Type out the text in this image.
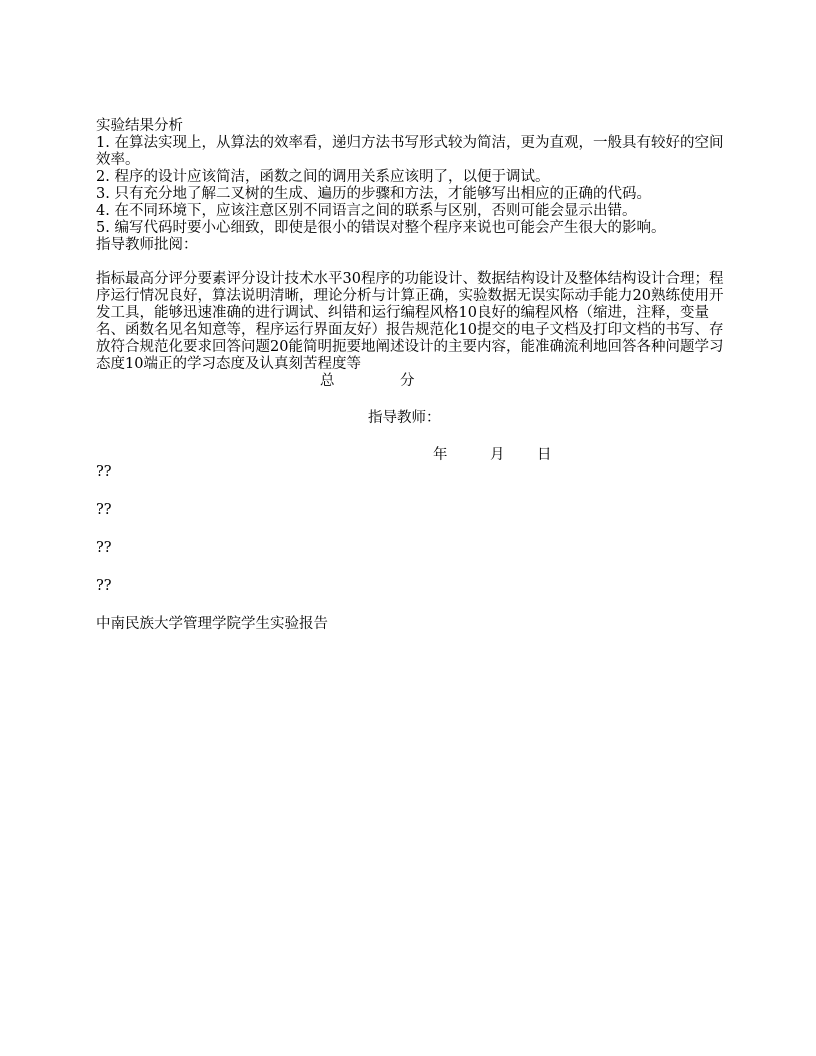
实验结果分析
1. 在算法实现上，从算法的效率看，递归方法书写形式较为简洁，更为直观，一般具有较好的空间效率。
2. 程序的设计应该简洁，函数之间的调用关系应该明了，以便于调试。
3. 只有充分地了解二叉树的生成、遍历的步骤和方法，才能够写出相应的正确的代码。
4. 在不同环境下，应该注意区别不同语言之间的联系与区别，否则可能会显示出错。
5. 编写代码时要小心细致，即使是很小的错误对整个程序来说也可能会产生很大的影响。
指导教师批阅：
指标最高分评分要素评分设计技术水平30程序的功能设计、数据结构设计及整体结构设计合理；程序运行情况良好，算法说明清晰，理论分析与计算正确，实验数据无误实际动手能力20熟练使用开发工具，能够迅速准确的进行调试、纠错和运行编程风格10良好的编程风格（缩进，注释，变量名、函数名见名知意等，程序运行界面友好）报告规范化10提交的电子文档及打印文档的书写、存放符合规范化要求回答问题20能简明扼要地阐述设计的主要内容，能准确流利地回答各种问题学习态度10端正的学习态度及认真刻苦程度等
总	分
指导教师：
年	月 日
??
??
??
??
中南民族大学管理学院学生实验报告
